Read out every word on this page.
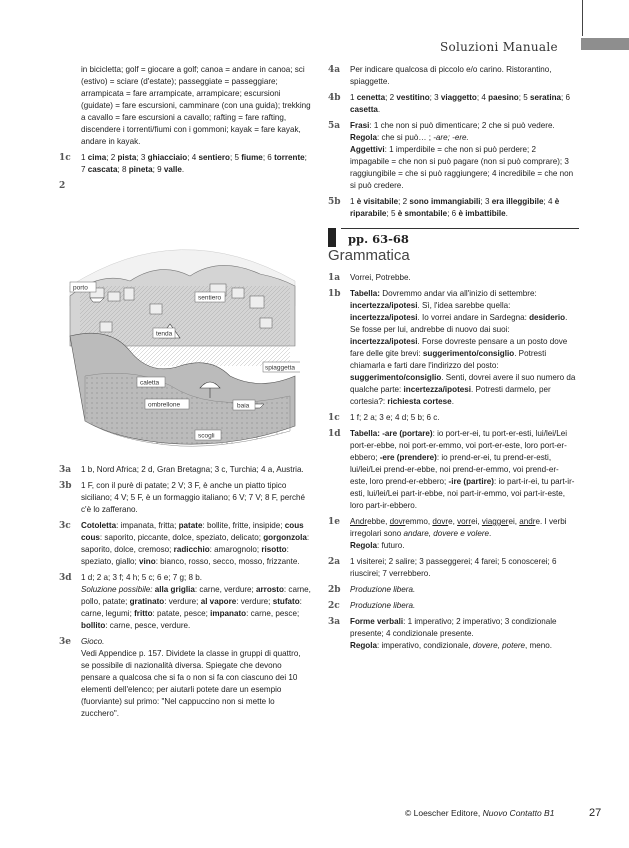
Soluzioni Manuale

in bicicletta; golf = giocare a golf; canoa = andare in canoa; sci (estivo) = sciare (d'estate); passeggiate = passeggiare; arrampicata = fare arrampicate, arrampicare; escursioni (guidate) = fare escursioni, camminare (con una guida); trekking a cavallo = fare escursioni a cavallo; rafting = fare rafting, discendere i torrenti/fiumi con i gommoni; kayak = fare kayak, andare in kayak.

1c 1 cima; 2 pista; 3 ghiacciaio; 4 sentiero; 5 fiume; 6 torrente; 7 cascata; 8 pineta; 9 valle.

2
porto
sentiero
tenda
spiaggetta
caletta
ombrellone	baia
scogli
3a 1 b, Nord Africa; 2 d, Gran Bretagna; 3 c, Turchia; 4 a, Austria.

3b 1 F, con il purè di patate; 2 V; 3 F, è anche un piatto tipico siciliano; 4 V; 5 F, è un formaggio italiano; 6 V; 7 V; 8 F, perché c'è lo zafferano.

3c Cotoletta: impanata, fritta; patate: bollite, fritte, insipide; cous cous: saporito, piccante, dolce, speziato, delicato; gorgonzola: saporito, dolce, cremoso; radicchio: amarognolo; risotto: speziato, giallo; vino: bianco, rosso, secco, mosso, frizzante.

3d 1 d; 2 a; 3 f; 4 h; 5 c; 6 e; 7 g; 8 b.

Soluzione possibile: alla griglia: carne, verdure; arrosto: carne, pollo, patate; gratinato: verdure; al vapore: verdure; stufato: carne, legumi; fritto: patate, pesce; impanato: carne, pesce; bollito: carne, pesce, verdure.

3e Gioco.

Vedi Appendice p. 157. Dividete la classe in gruppi di quattro, se possibile di nazionalità diversa. Spiegate che devono pensare a qualcosa che si fa o non si fa con ciascuno dei 10 elementi dell'elenco; per aiutarli potete dare un esempio (fuorviante) sul primo: "Nel cappuccino non si mette lo zucchero".

4a Per indicare qualcosa di piccolo e/o carino. Ristorantino, spiaggette.

4b 1 cenetta; 2 vestitino; 3 viaggetto; 4 paesino; 5 seratina; 6 casetta.

5a Frasi: 1 che non si può dimenticare; 2 che si può vedere.

Regola: che si può… ; -are; -ere.

Aggettivi: 1 imperdibile = che non si può perdere; 2 impagabile = che non si può pagare (non si può comprare); 3 raggiungibile = che si può raggiungere; 4 incredibile = che non si può credere.

5b 1 è visitabile; 2 sono immangiabili; 3 era illeggibile; 4 è riparabile; 5 è smontabile; 6 è imbattibile.

pp. 63-68
Grammatica
1a Vorrei, Potrebbe.

1b Tabella: Dovremmo andar via all'inizio di settembre: incertezza/ipotesi. Sì, l'idea sarebbe quella: incertezza/ipotesi. Io vorrei andare in Sardegna: desiderio. Se fosse per lui, andrebbe di nuovo dai suoi: incertezza/ipotesi. Forse dovreste pensare a un posto dove fare delle gite brevi: suggerimento/consiglio. Potresti chiamarla e farti dare l'indirizzo del posto: suggerimento/consiglio. Senti, dovrei avere il suo numero da qualche parte: incertezza/ipotesi. Potresti darmelo, per cortesia?: richiesta cortese.

1c 1 f; 2 a; 3 e; 4 d; 5 b; 6 c.

1d Tabella: -are (portare): io port-er-ei, tu port-er-esti, lui/lei/Lei port-er-ebbe, noi port-er-emmo, voi port-er-este, loro port-er-ebbero; -ere (prendere): io prend-er-ei, tu prend-er-esti, lui/lei/Lei prend-er-ebbe, noi prend-er-emmo, voi prend-er-este, loro prend-er-ebbero; -ire (partire): io part-ir-ei, tu part-ir-esti, lui/lei/Lei part-ir-ebbe, noi part-ir-emmo, voi part-ir-este, loro part-ir-ebbero.

1e Andrebbe, dovremmo, dovre, vorrei, viaggerei, andre. I verbi irregolari sono andare, dovere e volere.

Regola: futuro.

2a 1 visiterei; 2 salire; 3 passeggerei; 4 farei; 5 conoscerei; 6 riuscirei; 7 verrebbero.

2b Produzione libera.

2c Produzione libera.

3a Forme verbali: 1 imperativo; 2 imperativo; 3 condizionale presente; 4 condizionale presente.

Regola: imperativo, condizionale, dovere, potere, meno.

© Loescher Editore, Nuovo Contatto B1	27
